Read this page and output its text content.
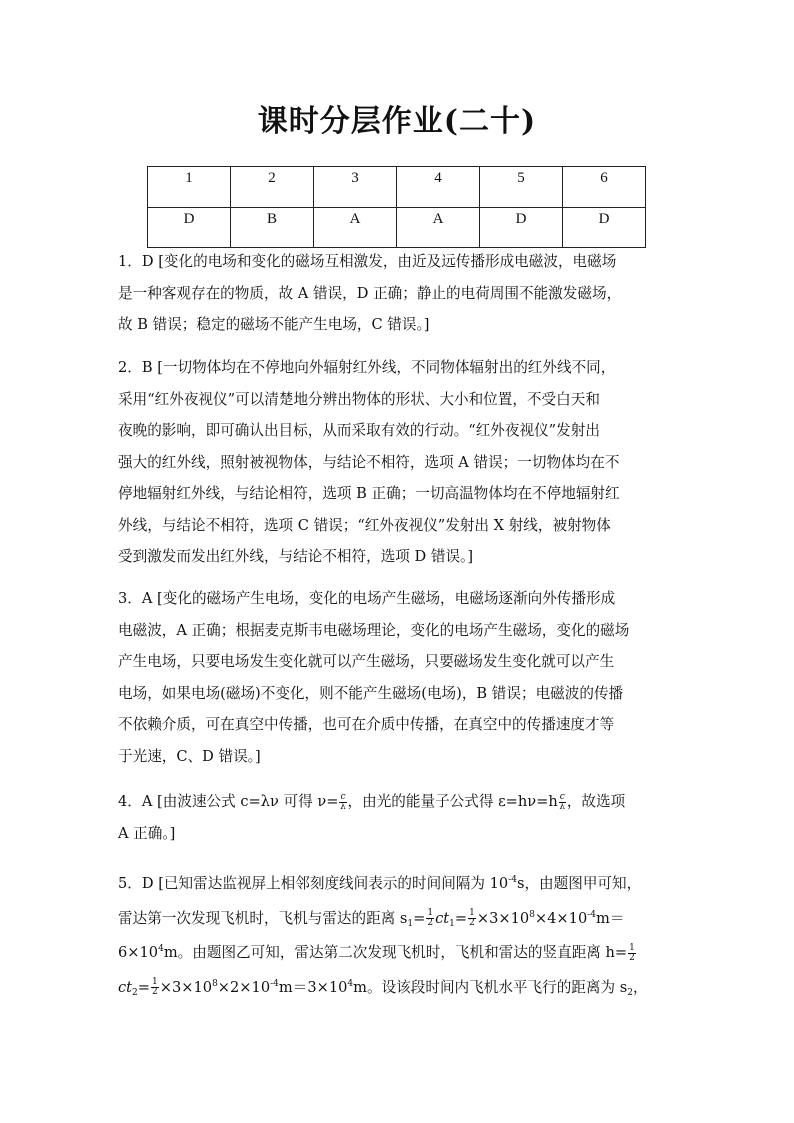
课时分层作业(二十)
1	2	3	4	5	6
D	B	A	A	D	D
1．D [变化的电场和变化的磁场互相激发，由近及远传播形成电磁波，电磁场
是一种客观存在的物质，故 A 错误，D 正确；静止的电荷周围不能激发磁场，
故 B 错误；稳定的磁场不能产生电场，C 错误。]
2．B [一切物体均在不停地向外辐射红外线，不同物体辐射出的红外线不同，
采用“红外夜视仪”可以清楚地分辨出物体的形状、大小和位置，不受白天和
夜晚的影响，即可确认出目标，从而采取有效的行动。“红外夜视仪”发射出
强大的红外线，照射被视物体，与结论不相符，选项 A 错误；一切物体均在不
停地辐射红外线，与结论相符，选项 B 正确；一切高温物体均在不停地辐射红
外线，与结论不相符，选项 C 错误；“红外夜视仪”发射出 X 射线，被射物体
受到激发而发出红外线，与结论不相符，选项 D 错误。]
3．A [变化的磁场产生电场，变化的电场产生磁场，电磁场逐渐向外传播形成
电磁波，A 正确；根据麦克斯韦电磁场理论，变化的电场产生磁场，变化的磁场
产生电场，只要电场发生变化就可以产生磁场，只要磁场发生变化就可以产生
电场，如果电场(磁场)不变化，则不能产生磁场(电场)，B 错误；电磁波的传播
不依赖介质，可在真空中传播，也可在介质中传播，在真空中的传播速度才等
于光速，C、D 错误。]
4．A [由波速公式 c=λν 可得 $\nu= \frac{c}{\lambda}$ ，由光的能量子公式得 $\varepsilon=h\nu=h \frac{c}{\lambda}$ ，故选项
A 正确。]
5．D [已知雷达监视屏上相邻刻度线间表示的时间间隔为 $10^{-4}s$，由题图甲可知，
雷达第一次发现飞机时，飞机与雷达的距离 $s_1= \frac{1}{2} ct_1= \frac{1}{2} \times 3\times 10^8\times 4\times 10^{-4}m=$
$6\times 10^4m$。由题图乙可知，雷达第二次发现飞机时，飞机和雷达的竖直距离 $h= \frac{1}{2}$
$ct_2= \frac{1}{2} \times 3\times 10^8\times 2\times 10^{-4}m=3\times 10^4m$。设该段时间内飞机水平飞行的距离为 $s_2$，
